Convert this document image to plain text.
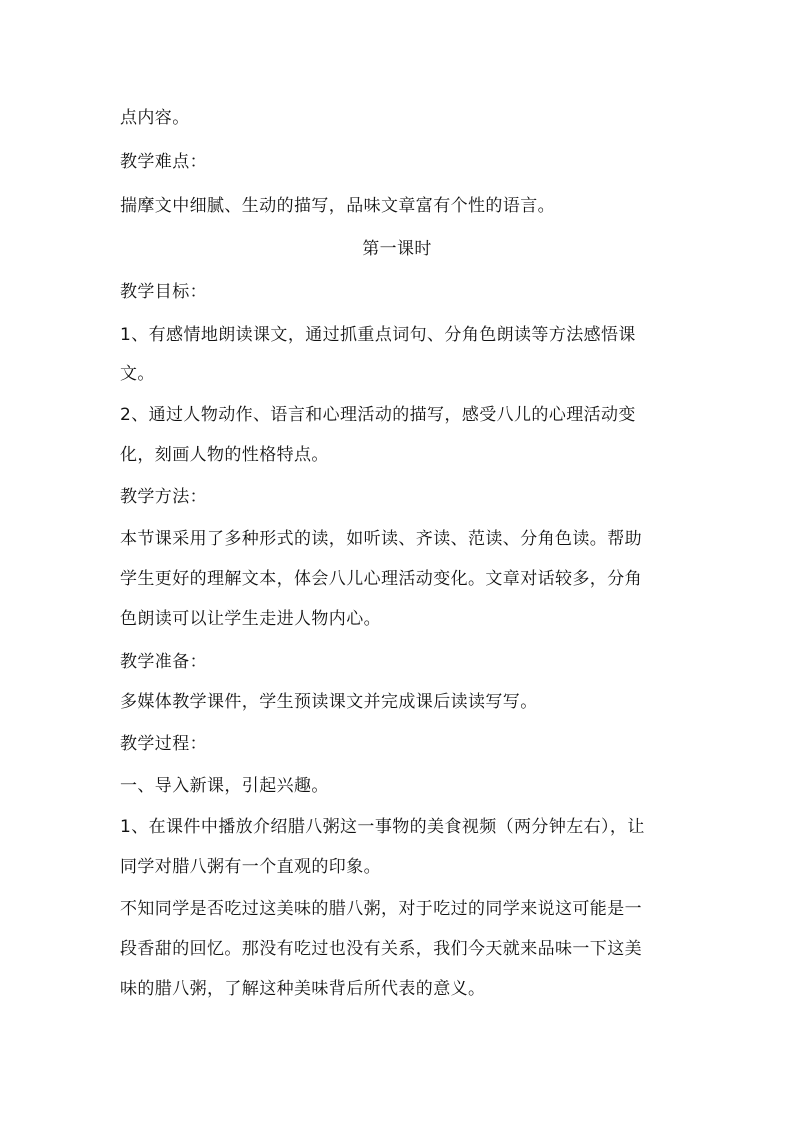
点内容。
教学难点：
揣摩文中细腻、生动的描写，品味文章富有个性的语言。
第一课时
教学目标：
1、有感情地朗读课文，通过抓重点词句、分角色朗读等方法感悟课
文。
2、通过人物动作、语言和心理活动的描写，感受八儿的心理活动变
化，刻画人物的性格特点。
教学方法：
本节课采用了多种形式的读，如听读、齐读、范读、分角色读。帮助
学生更好的理解文本，体会八儿心理活动变化。文章对话较多，分角
色朗读可以让学生走进人物内心。
教学准备：
多媒体教学课件，学生预读课文并完成课后读读写写。
教学过程：
一、导入新课，引起兴趣。
1、在课件中播放介绍腊八粥这一事物的美食视频（两分钟左右），让
同学对腊八粥有一个直观的印象。
不知同学是否吃过这美味的腊八粥，对于吃过的同学来说这可能是一
段香甜的回忆。那没有吃过也没有关系，我们今天就来品味一下这美
味的腊八粥，了解这种美味背后所代表的意义。
